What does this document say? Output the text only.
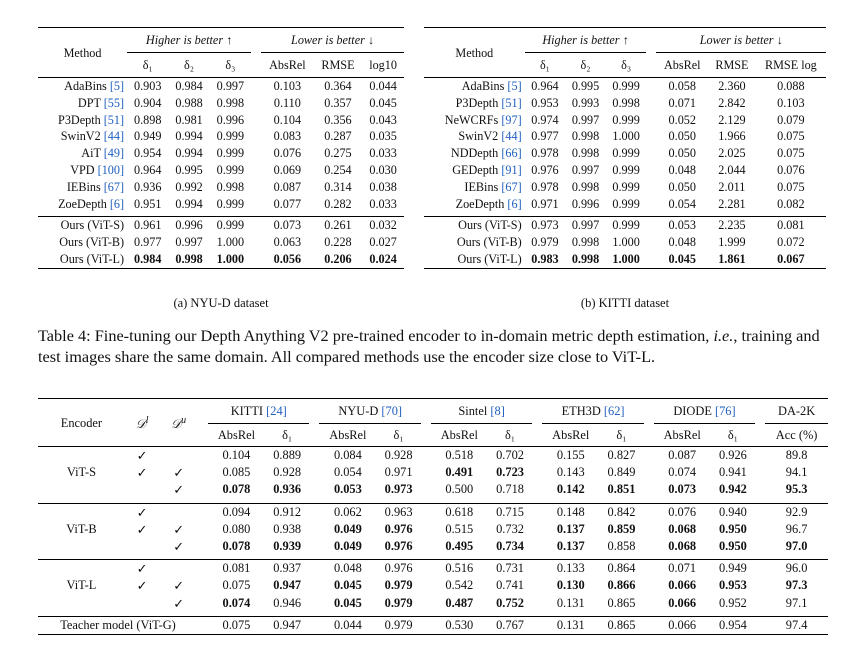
Method	Higher is better ↑				Lower is better ↓		
	δ₁	δ₂	δ₃		AbsRel	RMSE	log10
AdaBins [5]	0.903	0.984	0.997		0.103	0.364	0.044
DPT [55]	0.904	0.988	0.998		0.110	0.357	0.045
P3Depth [51]	0.898	0.981	0.996		0.104	0.356	0.043
SwinV2 [44]	0.949	0.994	0.999		0.083	0.287	0.035
AiT [49]	0.954	0.994	0.999		0.076	0.275	0.033
VPD [100]	0.964	0.995	0.999		0.069	0.254	0.030
IEBins [67]	0.936	0.992	0.998		0.087	0.314	0.038
ZoeDepth [6]	0.951	0.994	0.999		0.077	0.282	0.033

Ours (ViT-S)	0.961	0.996	0.999		0.073	0.261	0.032
Ours (ViT-B)	0.977	0.997	1.000		0.063	0.228	0.027
Ours (ViT-L)	0.984	0.998	1.000		0.056	0.206	0.024
(a) NYU-D dataset
Method	Higher is better ↑				Lower is better ↓		
	δ₁	δ₂	δ₃		AbsRel	RMSE	RMSE log
AdaBins [5]	0.964	0.995	0.999		0.058	2.360	0.088
P3Depth [51]	0.953	0.993	0.998		0.071	2.842	0.103
NeWCRFs [97]	0.974	0.997	0.999		0.052	2.129	0.079
SwinV2 [44]	0.977	0.998	1.000		0.050	1.966	0.075
NDDepth [66]	0.978	0.998	0.999		0.050	2.025	0.075
GEDepth [91]	0.976	0.997	0.999		0.048	2.044	0.076
IEBins [67]	0.978	0.998	0.999		0.050	2.011	0.075
ZoeDepth [6]	0.971	0.996	0.999		0.054	2.281	0.082

Ours (ViT-S)	0.973	0.997	0.999		0.053	2.235	0.081
Ours (ViT-B)	0.979	0.998	1.000		0.048	1.999	0.072
Ours (ViT-L)	0.983	0.998	1.000		0.045	1.861	0.067
(b) KITTI dataset
Table 4: Fine-tuning our Depth Anything V2 pre-trained encoder to in-domain metric depth estimation, i.e., training and test images share the same domain. All compared methods use the encoder size close to ViT-L.
Encoder	𝒟$^l$	𝒟$^u$		KITTI [24]			NYU-D [70]			Sintel [8]			ETH3D [62]			DIODE [76]			DA-2K
				AbsRel	δ₁		AbsRel	δ₁		AbsRel	δ₁		AbsRel	δ₁		AbsRel	δ₁		Acc (%)
ViT-S	✓			0.104	0.889		0.084	0.928		0.518	0.702		0.155	0.827		0.087	0.926		89.8
	✓	✓		0.085	0.928		0.054	0.971		0.491	0.723		0.143	0.849		0.074	0.941		94.1
		✓		0.078	0.936		0.053	0.973		0.500	0.718		0.142	0.851		0.073	0.942		95.3

ViT-B	✓			0.094	0.912		0.062	0.963		0.618	0.715		0.148	0.842		0.076	0.940		92.9
	✓	✓		0.080	0.938		0.049	0.976		0.515	0.732		0.137	0.859		0.068	0.950		96.7
		✓		0.078	0.939		0.049	0.976		0.495	0.734		0.137	0.858		0.068	0.950		97.0

ViT-L	✓			0.081	0.937		0.048	0.976		0.516	0.731		0.133	0.864		0.071	0.949		96.0
	✓	✓		0.075	0.947		0.045	0.979		0.542	0.741		0.130	0.866		0.066	0.953		97.3
		✓		0.074	0.946		0.045	0.979		0.487	0.752		0.131	0.865		0.066	0.952		97.1

Teacher model (ViT-G)				0.075	0.947		0.044	0.979		0.530	0.767		0.131	0.865		0.066	0.954		97.4
